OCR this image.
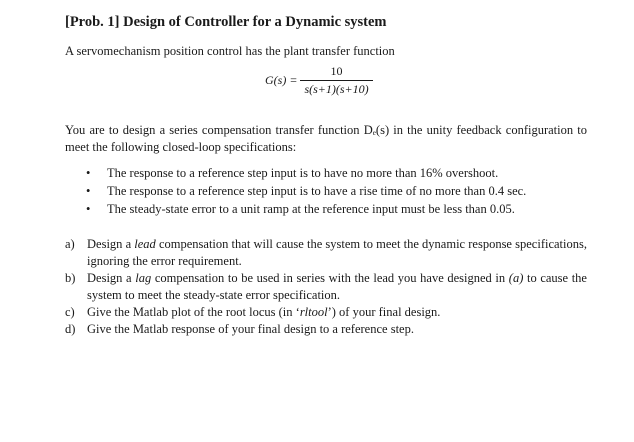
[Prob. 1] Design of Controller for a Dynamic system

A servomechanism position control has the plant transfer function

$G(s) = \frac{10}{s(s+1)(s+10)}$

You are to design a series compensation transfer function Dₑ(s) in the unity feedback configuration to meet the following closed-loop specifications:

• The response to a reference step input is to have no more than 16% overshoot.
• The response to a reference step input is to have a rise time of no more than 0.4 sec.
• The steady-state error to a unit ramp at the reference input must be less than 0.05.
a) Design a lead compensation that will cause the system to meet the dynamic response specifications, ignoring the error requirement.
b) Design a lag compensation to be used in series with the lead you have designed in (a) to cause the system to meet the steady-state error specification.
c) Give the Matlab plot of the root locus (in ‘rltool’) of your final design.
d) Give the Matlab response of your final design to a reference step.
